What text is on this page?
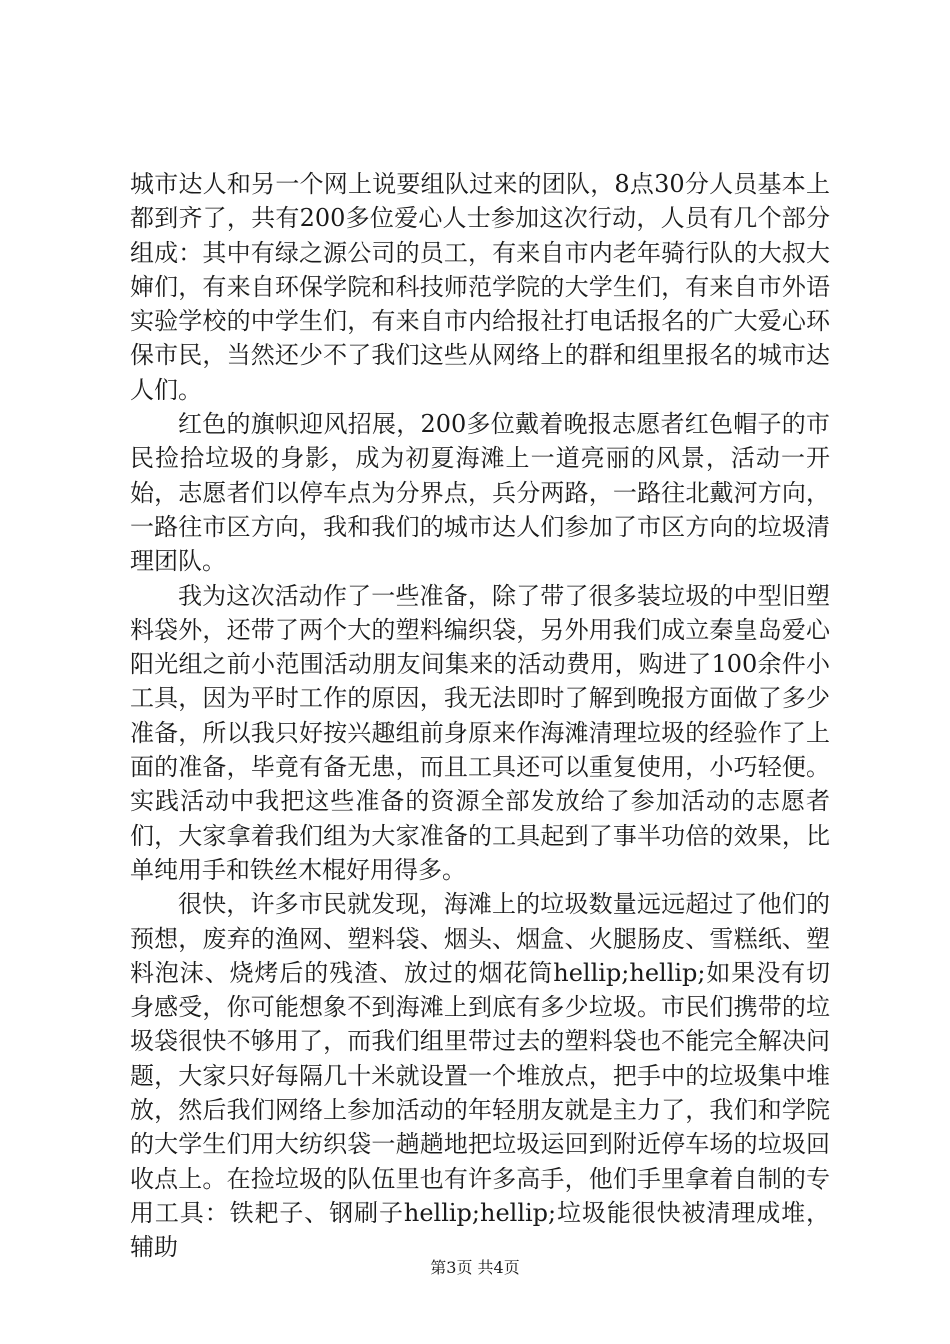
城市达人和另一个网上说要组队过来的团队，8点30分人员基本上都到齐了，共有200多位爱心人士参加这次行动，人员有几个部分组成：其中有绿之源公司的员工，有来自市内老年骑行队的大叔大婶们，有来自环保学院和科技师范学院的大学生们，有来自市外语实验学校的中学生们，有来自市内给报社打电话报名的广大爱心环保市民，当然还少不了我们这些从网络上的群和组里报名的城市达人们。

红色的旗帜迎风招展，200多位戴着晚报志愿者红色帽子的市民捡拾垃圾的身影，成为初夏海滩上一道亮丽的风景，活动一开始，志愿者们以停车点为分界点，兵分两路，一路往北戴河方向，一路往市区方向，我和我们的城市达人们参加了市区方向的垃圾清理团队。

我为这次活动作了一些准备，除了带了很多装垃圾的中型旧塑料袋外，还带了两个大的塑料编织袋，另外用我们成立秦皇岛爱心阳光组之前小范围活动朋友间集来的活动费用，购进了100余件小工具，因为平时工作的原因，我无法即时了解到晚报方面做了多少准备，所以我只好按兴趣组前身原来作海滩清理垃圾的经验作了上面的准备，毕竟有备无患，而且工具还可以重复使用，小巧轻便。实践活动中我把这些准备的资源全部发放给了参加活动的志愿者们，大家拿着我们组为大家准备的工具起到了事半功倍的效果，比单纯用手和铁丝木棍好用得多。

很快，许多市民就发现，海滩上的垃圾数量远远超过了他们的预想，废弃的渔网、塑料袋、烟头、烟盒、火腿肠皮、雪糕纸、塑料泡沫、烧烤后的残渣、放过的烟花筒hellip;hellip;如果没有切身感受，你可能想象不到海滩上到底有多少垃圾。市民们携带的垃圾袋很快不够用了，而我们组里带过去的塑料袋也不能完全解决问题，大家只好每隔几十米就设置一个堆放点，把手中的垃圾集中堆放，然后我们网络上参加活动的年轻朋友就是主力了，我们和学院的大学生们用大纺织袋一趟趟地把垃圾运回到附近停车场的垃圾回收点上。在捡垃圾的队伍里也有许多高手，他们手里拿着自制的专用工具：铁耙子、钢刷子hellip;hellip;垃圾能很快被清理成堆，辅助

第3页 共4页
